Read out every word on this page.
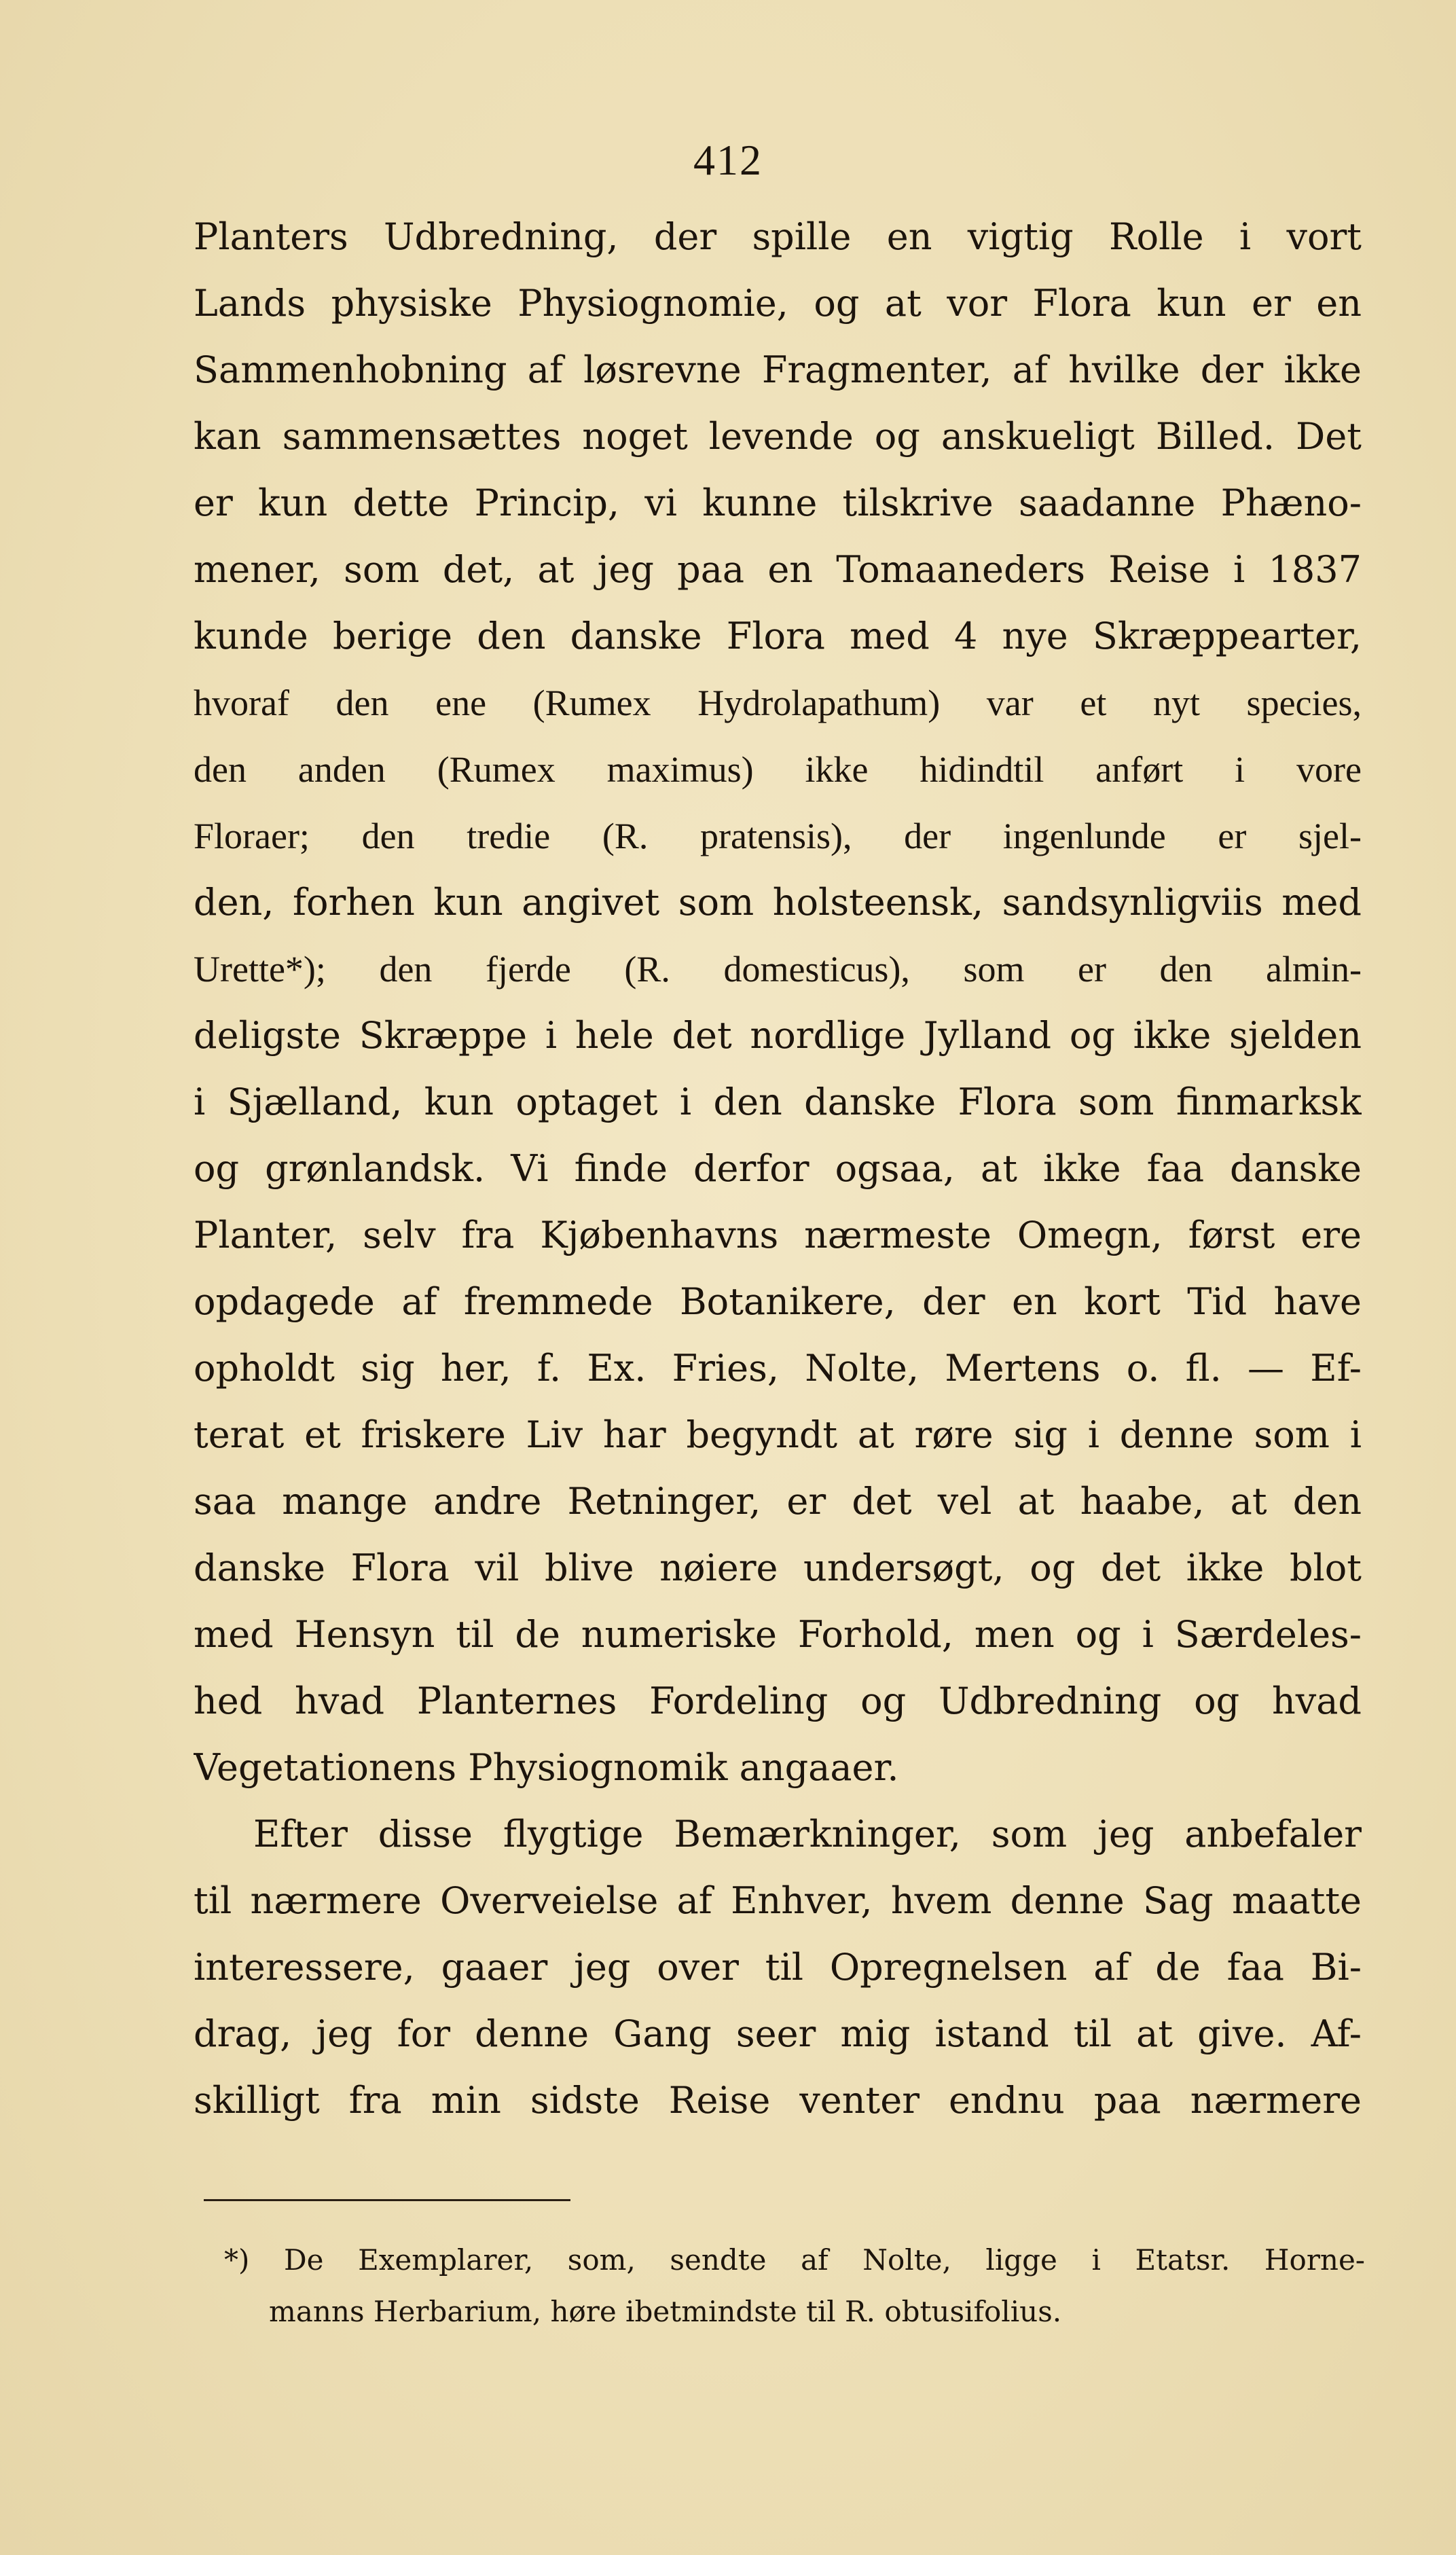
412
Planters Udbredning, der spille en vigtig Rolle i vort
Lands physiske Physiognomie, og at vor Flora kun er en
Sammenhobning af løsrevne Fragmenter, af hvilke der ikke
kan sammensættes noget levende og anskueligt Billed. Det
er kun dette Princip, vi kunne tilskrive saadanne Phæno-
mener, som det, at jeg paa en Tomaaneders Reise i 1837
kunde berige den danske Flora med 4 nye Skræppearter,
hvoraf den ene (Rumex Hydrolapathum) var et nyt species,
den anden (Rumex maximus) ikke hidindtil anført i vore
Floraer; den tredie (R. pratensis), der ingenlunde er sjel-
den, forhen kun angivet som holsteensk, sandsynligviis med
Urette*); den fjerde (R. domesticus), som er den almin-
deligste Skræppe i hele det nordlige Jylland og ikke sjelden
i Sjælland, kun optaget i den danske Flora som finmarksk
og grønlandsk. Vi finde derfor ogsaa, at ikke faa danske
Planter, selv fra Kjøbenhavns nærmeste Omegn, først ere
opdagede af fremmede Botanikere, der en kort Tid have
opholdt sig her, f. Ex. Fries, Nolte, Mertens o. fl. — Ef-
terat et friskere Liv har begyndt at røre sig i denne som i
saa mange andre Retninger, er det vel at haabe, at den
danske Flora vil blive nøiere undersøgt, og det ikke blot
med Hensyn til de numeriske Forhold, men og i Særdeles-
hed hvad Planternes Fordeling og Udbredning og hvad
Vegetationens Physiognomik angaaer.
Efter disse flygtige Bemærkninger, som jeg anbefaler
til nærmere Overveielse af Enhver, hvem denne Sag maatte
interessere, gaaer jeg over til Opregnelsen af de faa Bi-
drag, jeg for denne Gang seer mig istand til at give. Af-
skilligt fra min sidste Reise venter endnu paa nærmere
*) De Exemplarer, som, sendte af Nolte, ligge i Etatsr. Horne-
manns Herbarium, høre ibetmindste til R. obtusifolius.
